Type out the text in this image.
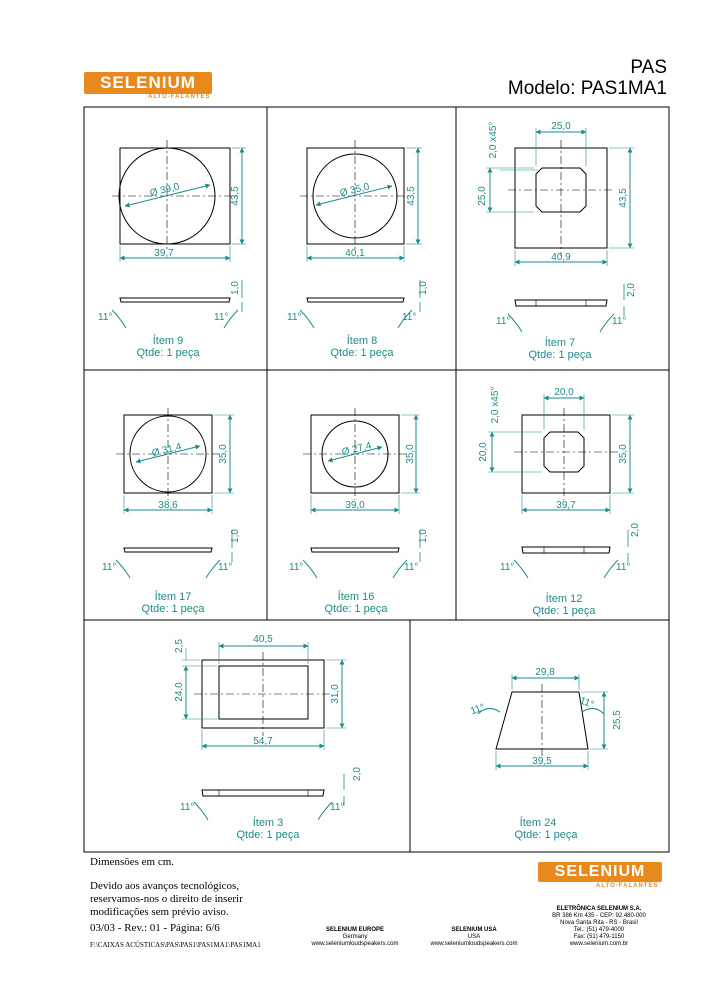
SELENIUM
ALTO-FALANTES
PAS
Modelo: PAS1MA1
Ø 39,0
39,7
43,5
1,0
11°	11°
Ø 35,0
40,1
43,5
1,0
11°	11°
25,0
2,0 x45°
25,0
40,9
43,5
2,0
11°	11°
Ø 31,4
38,6
35,0
1,0
11°	11°
Ø 27,4
39,0
35,0
1,0
11°	11°
20,0
2,0 x45°
20,0
39,7
35,0
2,0
11°	11°
40,5
2,5
24,0	31,0
54,7
2,0
11°	11°
29,8
39,5
25,5
11°	11°
Ítem 9
Qtde: 1 peça
Ítem 8
Qtde: 1 peça
Ítem 7
Qtde: 1 peça
Ítem 17
Qtde: 1 peça
Ítem 16
Qtde: 1 peça
Ítem 12
Qtde: 1 peça
Ítem 3
Qtde: 1 peça
Ítem 24
Qtde: 1 peça
Dimensões em cm.
Devido aos avanços tecnológicos,
reservamos-nos o direito de inserir
modificações sem prévio aviso.
03/03 - Rev.: 01 - Página: 6/6
F:\CAIXAS ACÚSTICAS\PAS\PAS1\PAS1MA1\PAS1MA1
SELENIUM
ALTO-FALANTES
SELENIUM EUROPE
Germany
www.seleniumloudspeakers.com
SELENIUM USA
USA
www.seleniumloudspeakers.com
ELETRÔNICA SELENIUM S.A.
BR 386 Km 435 - CEP: 92.480-000
Nova Santa Rita - RS - Brasil
Tel.: (51) 479-4000
Fax: (51) 479-1150
www.selenium.com.br
